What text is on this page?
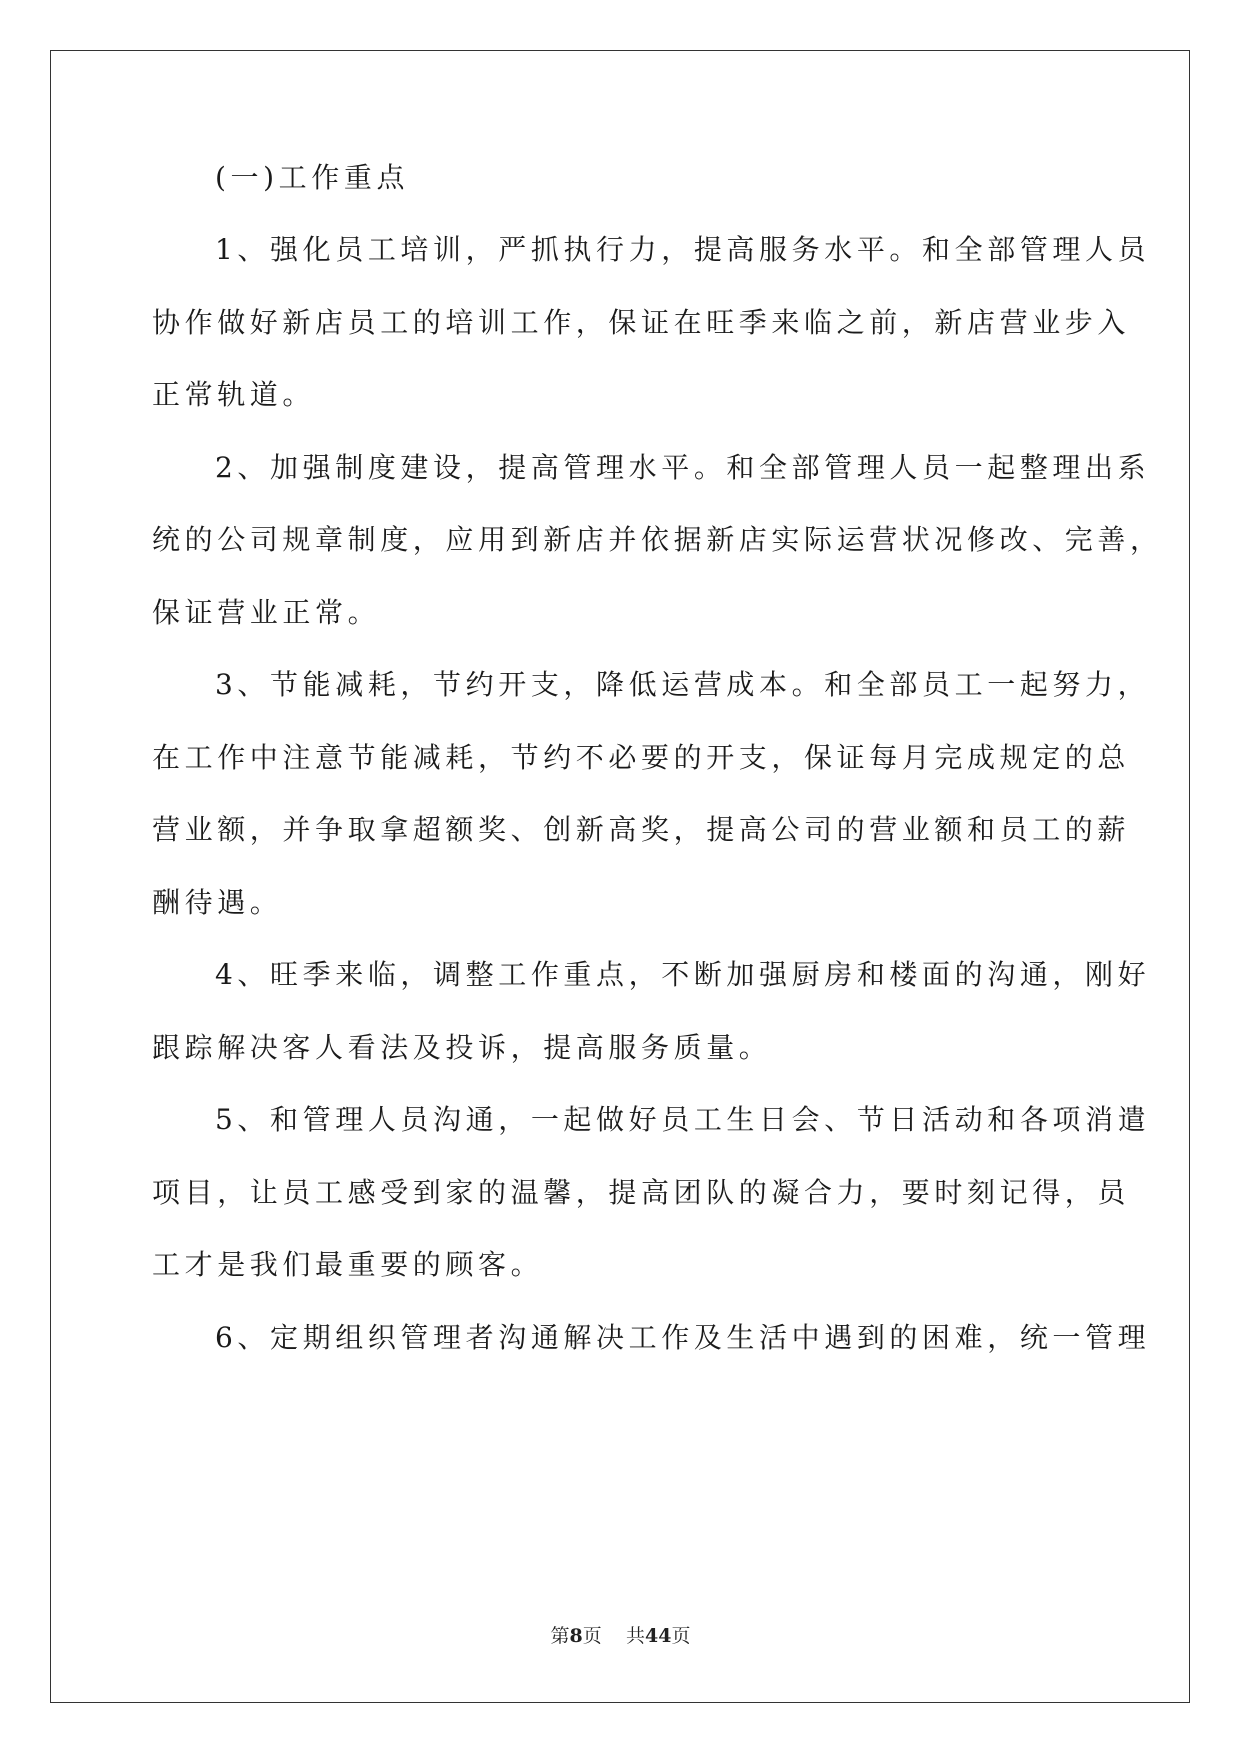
(一)工作重点
1、强化员工培训，严抓执行力，提高服务水平。和全部管理人员
协作做好新店员工的培训工作，保证在旺季来临之前，新店营业步入
正常轨道。
2、加强制度建设，提高管理水平。和全部管理人员一起整理出系
统的公司规章制度，应用到新店并依据新店实际运营状况修改、完善，
保证营业正常。
3、节能减耗，节约开支，降低运营成本。和全部员工一起努力，
在工作中注意节能减耗，节约不必要的开支，保证每月完成规定的总
营业额，并争取拿超额奖、创新高奖，提高公司的营业额和员工的薪
酬待遇。
4、旺季来临，调整工作重点，不断加强厨房和楼面的沟通，刚好
跟踪解决客人看法及投诉，提高服务质量。
5、和管理人员沟通，一起做好员工生日会、节日活动和各项消遣
项目，让员工感受到家的温馨，提高团队的凝合力，要时刻记得，员
工才是我们最重要的顾客。
6、定期组织管理者沟通解决工作及生活中遇到的困难，统一管理
第8页 共44页
